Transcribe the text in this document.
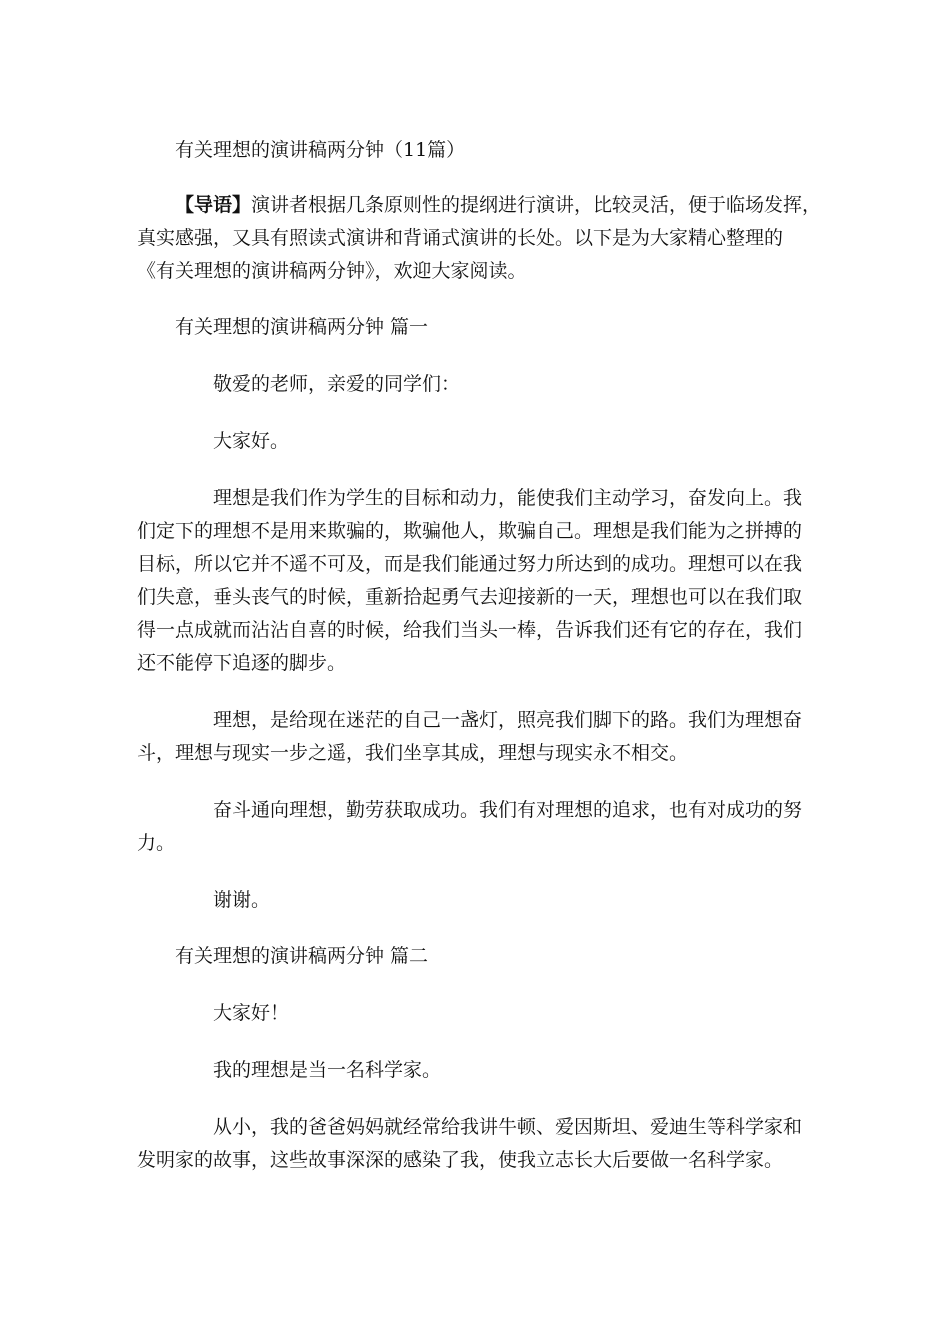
有关理想的演讲稿两分钟（11篇）

【导语】演讲者根据几条原则性的提纲进行演讲，比较灵活，便于临场发挥，

真实感强，又具有照读式演讲和背诵式演讲的长处。以下是为大家精心整理的

《有关理想的演讲稿两分钟》，欢迎大家阅读。

有关理想的演讲稿两分钟 篇一

敬爱的老师，亲爱的同学们：

大家好。

理想是我们作为学生的目标和动力，能使我们主动学习，奋发向上。我

们定下的理想不是用来欺骗的，欺骗他人，欺骗自己。理想是我们能为之拼搏的

目标，所以它并不遥不可及，而是我们能通过努力所达到的成功。理想可以在我

们失意，垂头丧气的时候，重新拾起勇气去迎接新的一天，理想也可以在我们取

得一点成就而沾沾自喜的时候，给我们当头一棒，告诉我们还有它的存在，我们

还不能停下追逐的脚步。

理想，是给现在迷茫的自己一盏灯，照亮我们脚下的路。我们为理想奋

斗，理想与现实一步之遥，我们坐享其成，理想与现实永不相交。

奋斗通向理想，勤劳获取成功。我们有对理想的追求，也有对成功的努

力。

谢谢。

有关理想的演讲稿两分钟 篇二

大家好！

我的理想是当一名科学家。

从小，我的爸爸妈妈就经常给我讲牛顿、爱因斯坦、爱迪生等科学家和

发明家的故事，这些故事深深的感染了我，使我立志长大后要做一名科学家。
